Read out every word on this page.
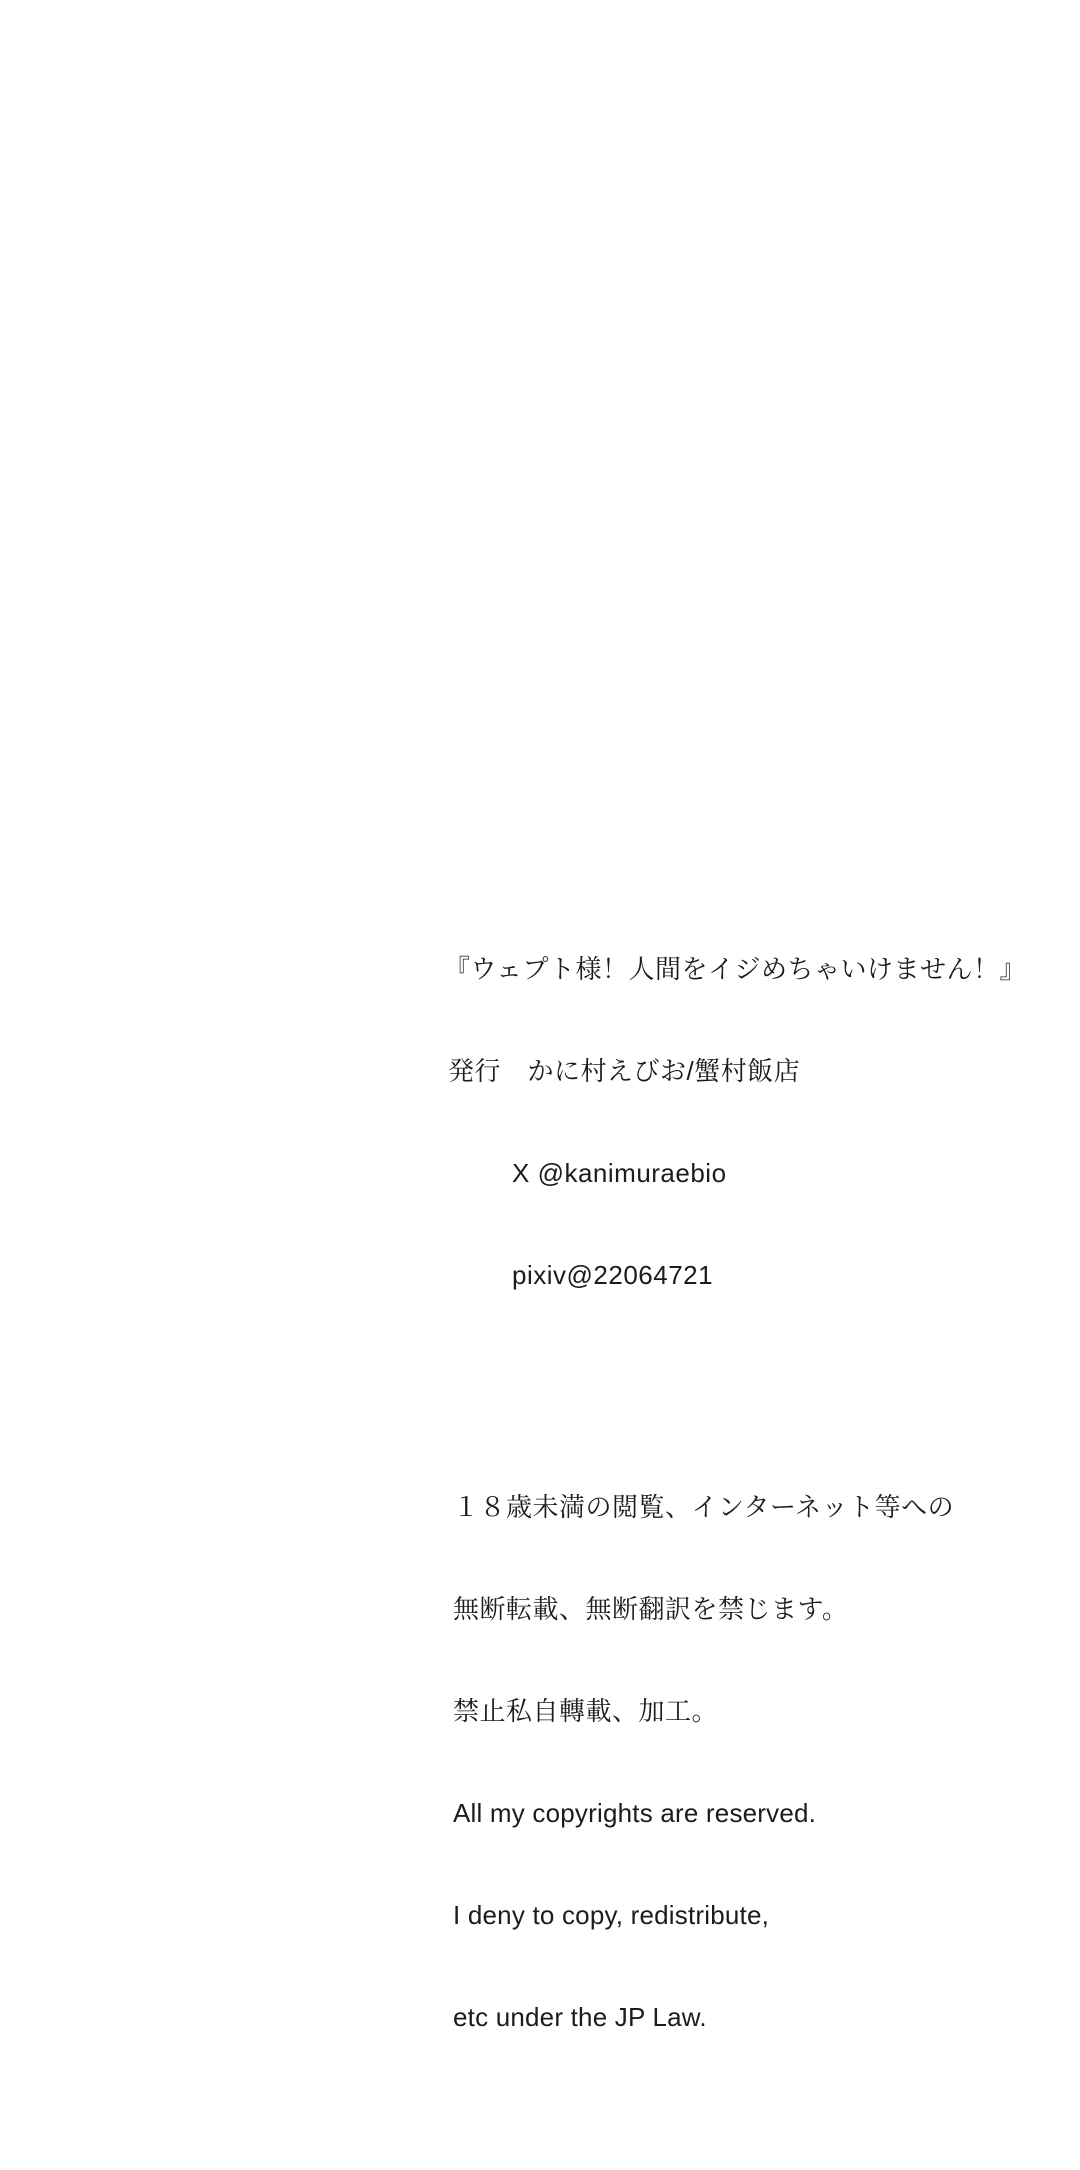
『ウェプト様！人間をイジめちゃいけません！』

発行　かに村えびお/蟹村飯店

X @kanimuraebio

pixiv@22064721

１８歳未満の閲覧、インターネット等への

無断転載、無断翻訳を禁じます。

禁止私自轉載、加工。

All my copyrights are reserved.

I deny to copy, redistribute,

etc under the JP Law.
